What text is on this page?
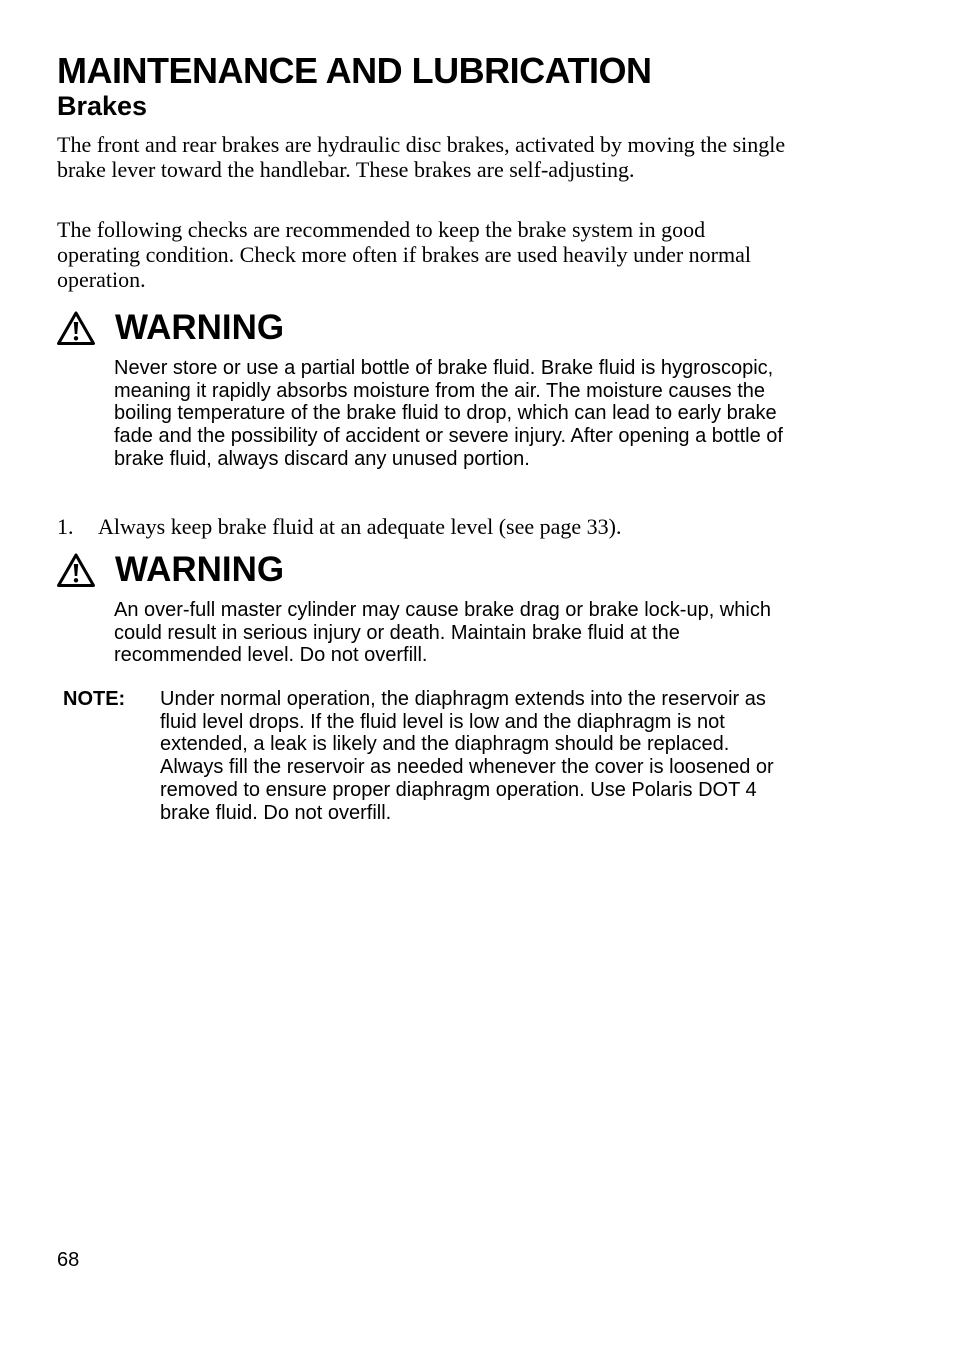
MAINTENANCE AND LUBRICATION
Brakes

The front and rear brakes are hydraulic disc brakes, activated by moving the single brake lever toward the handlebar. These brakes are self-adjusting.

The following checks are recommended to keep the brake system in good operating condition. Check more often if brakes are used heavily under normal operation.

WARNING

Never store or use a partial bottle of brake fluid. Brake fluid is hygroscopic, meaning it rapidly absorbs moisture from the air. The moisture causes the boiling temperature of the brake fluid to drop, which can lead to early brake fade and the possibility of accident or severe injury. After opening a bottle of brake fluid, always discard any unused portion.

1.	Always keep brake fluid at an adequate level (see page 33).
WARNING

An over-full master cylinder may cause brake drag or brake lock-up, which could result in serious injury or death. Maintain brake fluid at the recommended level. Do not overfill.

NOTE: Under normal operation, the diaphragm extends into the reservoir as fluid level drops. If the fluid level is low and the diaphragm is not extended, a leak is likely and the diaphragm should be replaced. Always fill the reservoir as needed whenever the cover is loosened or removed to ensure proper diaphragm operation. Use Polaris DOT 4 brake fluid. Do not overfill.

68
